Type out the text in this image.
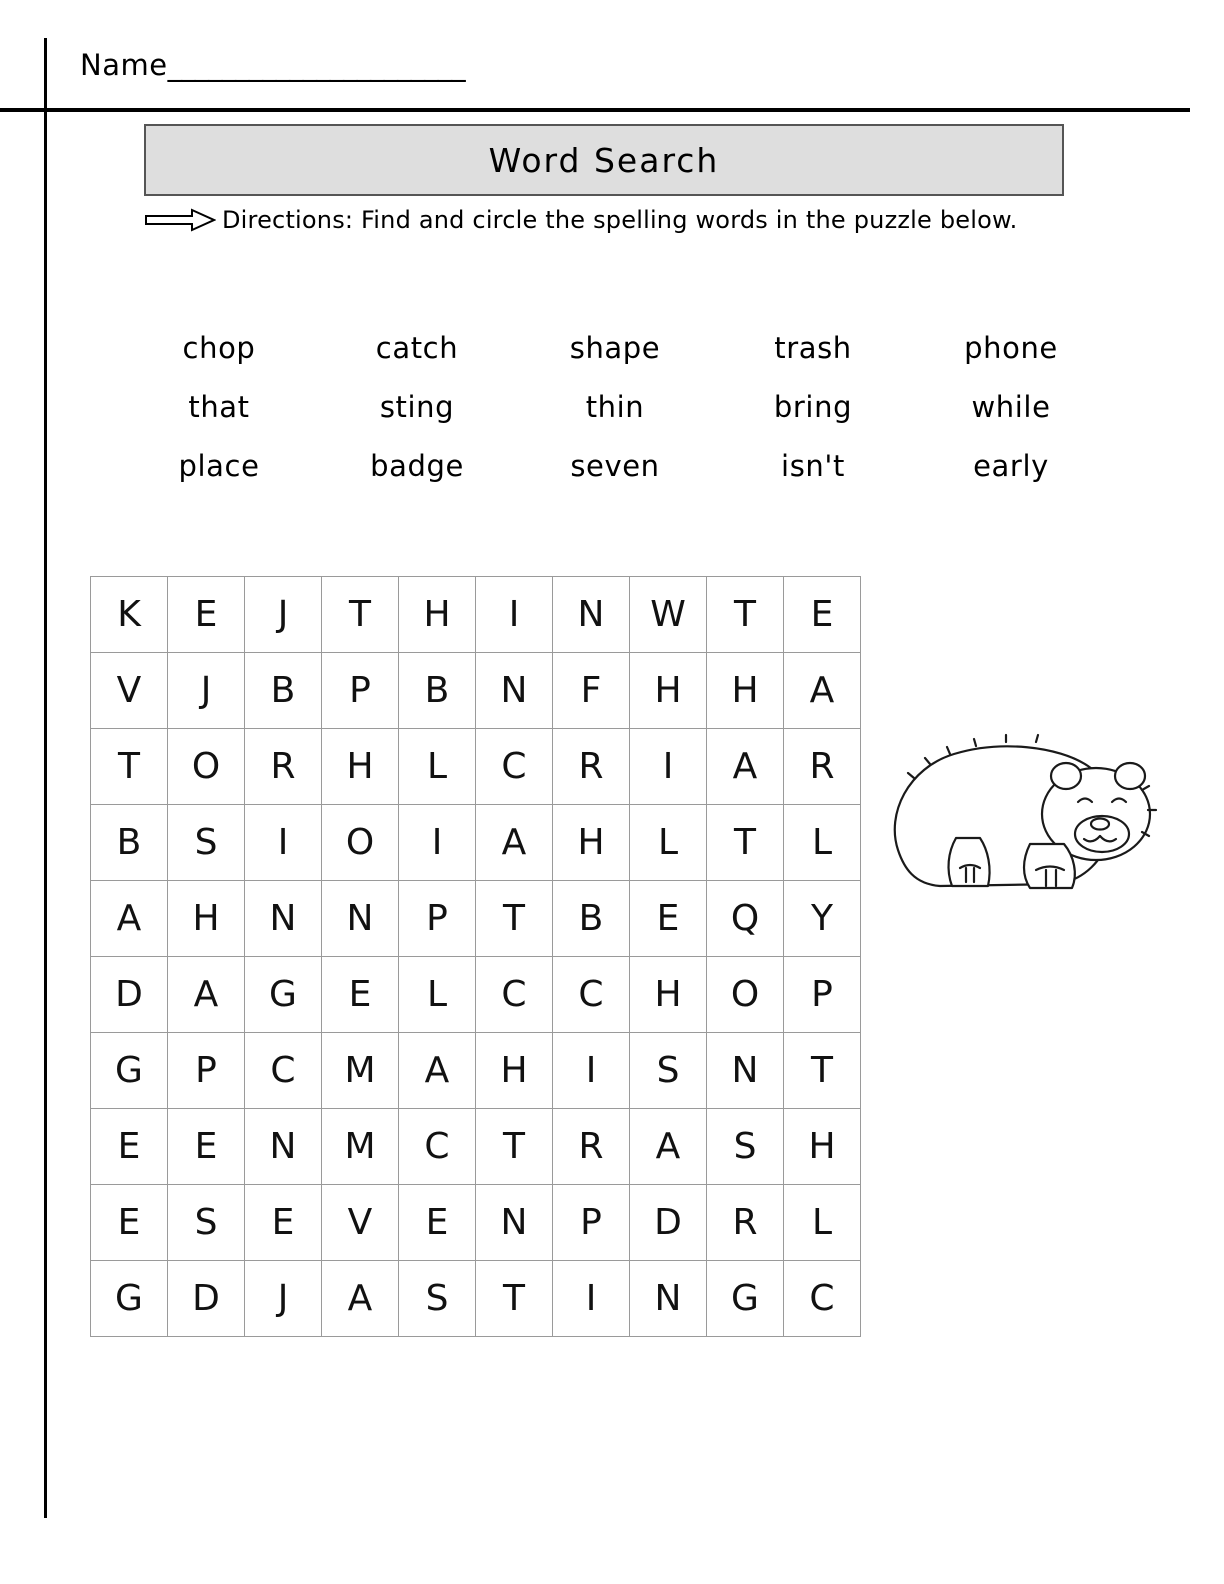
Name______________________
Word Search
Directions: Find and circle the spelling words in the puzzle below.
chop	catch	shape	trash	phone
that	sting	thin	bring	while
place	badge	seven	isn't	early
K	E	J	T	H	I	N	W	T	E
V	J	B	P	B	N	F	H	H	A
T	O	R	H	L	C	R	I	A	R
B	S	I	O	I	A	H	L	T	L
A	H	N	N	P	T	B	E	Q	Y
D	A	G	E	L	C	C	H	O	P
G	P	C	M	A	H	I	S	N	T
E	E	N	M	C	T	R	A	S	H
E	S	E	V	E	N	P	D	R	L
G	D	J	A	S	T	I	N	G	C
